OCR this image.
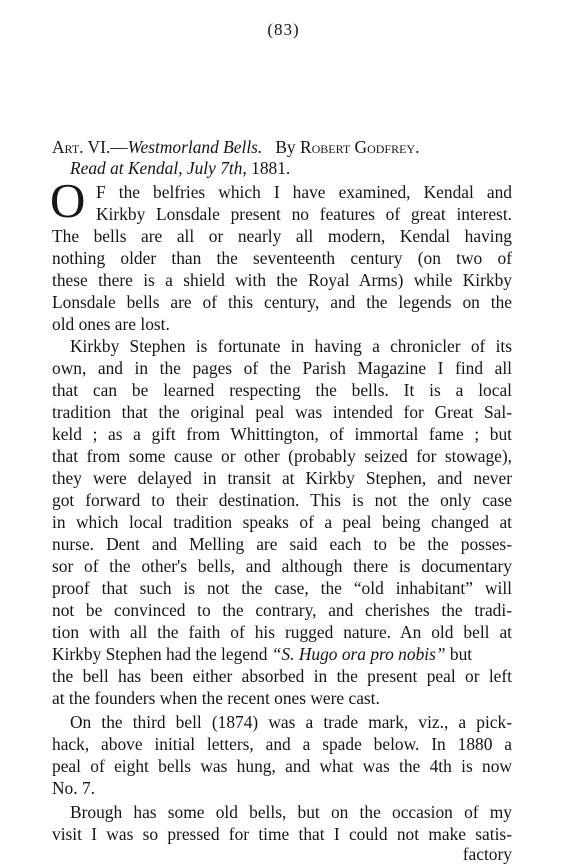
(83)
Art. VI.—Westmorland Bells. By Robert Godfrey.
Read at Kendal, July 7th, 1881.
O F the belfries which I have examined, Kendal and
Kirkby Lonsdale present no features of great interest.
The bells are all or nearly all modern, Kendal having
nothing older than the seventeenth century (on two of
these there is a shield with the Royal Arms) while Kirkby
Lonsdale bells are of this century, and the legends on the
old ones are lost.
Kirkby Stephen is fortunate in having a chronicler of its
own, and in the pages of the Parish Magazine I find all
that can be learned respecting the bells. It is a local
tradition that the original peal was intended for Great Sal-
keld ; as a gift from Whittington, of immortal fame ; but
that from some cause or other (probably seized for stowage),
they were delayed in transit at Kirkby Stephen, and never
got forward to their destination. This is not the only case
in which local tradition speaks of a peal being changed at
nurse. Dent and Melling are said each to be the posses-
sor of the other's bells, and although there is documentary
proof that such is not the case, the “old inhabitant” will
not be convinced to the contrary, and cherishes the tradi-
tion with all the faith of his rugged nature. An old bell at
Kirkby Stephen had the legend “S. Hugo ora pro nobis” but
the bell has been either absorbed in the present peal or left
at the founders when the recent ones were cast.
On the third bell (1874) was a trade mark, viz., a pick-
hack, above initial letters, and a spade below. In 1880 a
peal of eight bells was hung, and what was the 4th is now
No. 7.
Brough has some old bells, but on the occasion of my
visit I was so pressed for time that I could not make satis-
factory
